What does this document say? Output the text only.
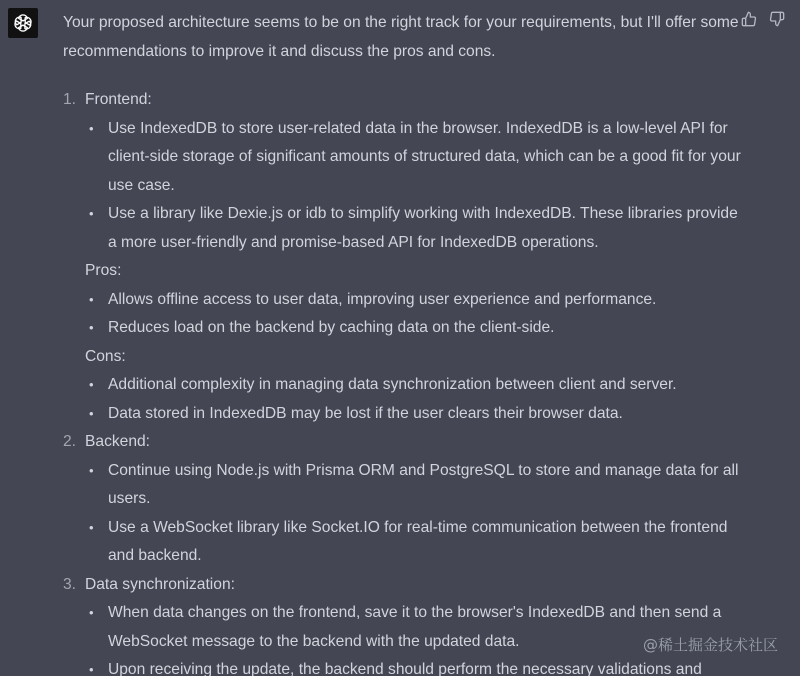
Your proposed architecture seems to be on the right track for your requirements, but I'll offer some recommendations to improve it and discuss the pros and cons.

1. Frontend:
• Use IndexedDB to store user-related data in the browser. IndexedDB is a low-level API for client-side storage of significant amounts of structured data, which can be a good fit for your use case.
• Use a library like Dexie.js or idb to simplify working with IndexedDB. These libraries provide a more user-friendly and promise-based API for IndexedDB operations.
Pros:
• Allows offline access to user data, improving user experience and performance.
• Reduces load on the backend by caching data on the client-side.
Cons:
• Additional complexity in managing data synchronization between client and server.
• Data stored in IndexedDB may be lost if the user clears their browser data.
2. Backend:
• Continue using Node.js with Prisma ORM and PostgreSQL to store and manage data for all users.
• Use a WebSocket library like Socket.IO for real-time communication between the frontend and backend.
3. Data synchronization:
• When data changes on the frontend, save it to the browser's IndexedDB and then send a WebSocket message to the backend with the updated data.
• Upon receiving the update, the backend should perform the necessary validations and
@稀土掘金技术社区
